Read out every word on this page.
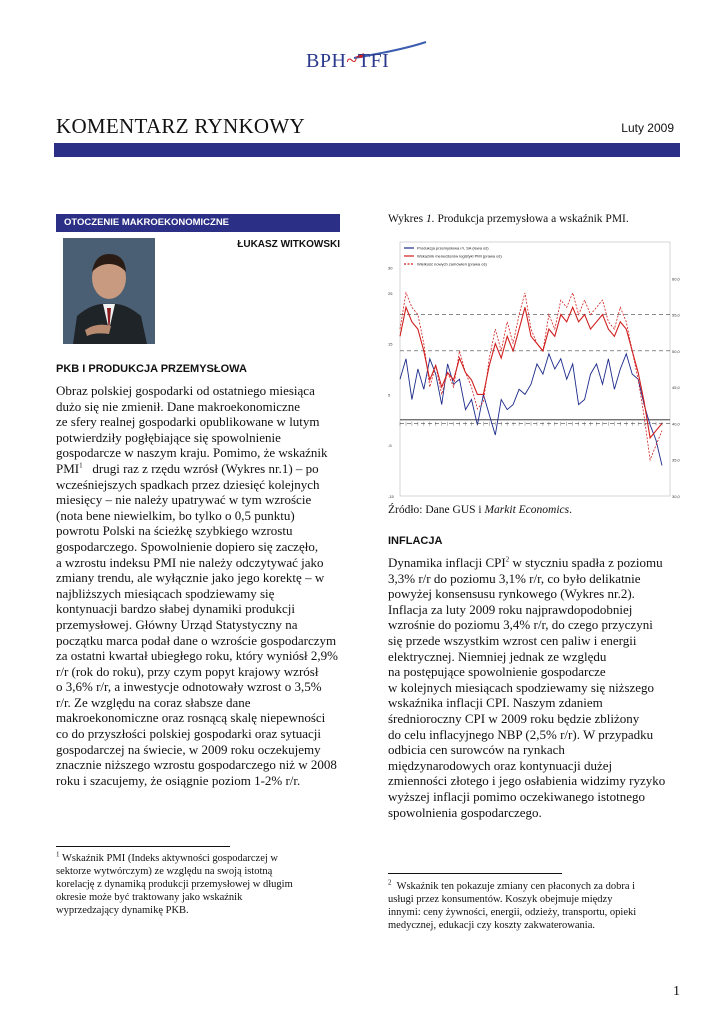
BPH~TFI
KOMENTARZ RYNKOWY	Luty 2009
OTOCZENIE MAKROEKONOMICZNE
ŁUKASZ WITKOWSKI
PKB I PRODUKCJA PRZEMYSŁOWA
Obraz polskiej gospodarki od ostatniego miesiąca
dużo się nie zmienił. Dane makroekonomiczne
ze sfery realnej gospodarki opublikowane w lutym
potwierdziły pogłębiające się spowolnienie
gospodarcze w naszym kraju. Pomimo, że wskaźnik
PMI$^1$ drugi raz z rzędu wzrósł (Wykres nr.1) – po
wcześniejszych spadkach przez dziesięć kolejnych
miesięcy – nie należy upatrywać w tym wzroście
(nota bene niewielkim, bo tylko o 0,5 punktu)
powrotu Polski na ścieżkę szybkiego wzrostu
gospodarczego. Spowolnienie dopiero się zaczęło,
a wzrostu indeksu PMI nie należy odczytywać jako
zmiany trendu, ale wyłącznie jako jego korektę – w
najbliższych miesiącach spodziewamy się
kontynuacji bardzo słabej dynamiki produkcji
przemysłowej. Główny Urząd Statystyczny na
początku marca podał dane o wzroście gospodarczym
za ostatni kwartał ubiegłego roku, który wyniósł 2,9%
r/r (rok do roku), przy czym popyt krajowy wzrósł
o 3,6% r/r, a inwestycje odnotowały wzrost o 3,5%
r/r. Ze względu na coraz słabsze dane
makroekonomiczne oraz rosnącą skalę niepewności
co do przyszłości polskiej gospodarki oraz sytuacji
gospodarczej na świecie, w 2009 roku oczekujemy
znacznie niższego wzrostu gospodarczego niż w 2008
roku i szacujemy, że osiągnie poziom 1-2% r/r.
$^1$ Wskaźnik PMI (Indeks aktywności gospodarczej w
sektorze wytwórczym) ze względu na swoją istotną
korelację z dynamiką produkcji przemysłowej w długim
okresie może być traktowany jako wskaźnik
wyprzedzający dynamikę PKB.
Wykres 1. Produkcja przemysłowa a wskaźnik PMI.
30
25
15
5
-5
-15
60,0
55,0
50,0
45,0
40,0
35,0
30,0
Produkcja przemysłowa r/r, SA (lewa oś)
Wskaźnik menedżerów logistyki PMI (prawa oś)
Wielkość nowych zamówień (prawa oś)
Źródło: Dane GUS i Markit Economics.
INFLACJA
Dynamika inflacji CPI$^2$ w styczniu spadła z poziomu
3,3% r/r do poziomu 3,1% r/r, co było delikatnie
powyżej konsensusu rynkowego (Wykres nr.2).
Inflacja za luty 2009 roku najprawdopodobniej
wzrośnie do poziomu 3,4% r/r, do czego przyczyni
się przede wszystkim wzrost cen paliw i energii
elektrycznej. Niemniej jednak ze względu
na postępujące spowolnienie gospodarcze
w kolejnych miesiącach spodziewamy się niższego
wskaźnika inflacji CPI. Naszym zdaniem
średnioroczny CPI w 2009 roku będzie zbliżony
do celu inflacyjnego NBP (2,5% r/r). W przypadku
odbicia cen surowców na rynkach
międzynarodowych oraz kontynuacji dużej
zmienności złotego i jego osłabienia widzimy ryzyko
wyższej inflacji pomimo oczekiwanego istotnego
spowolnienia gospodarczego.
$^2$ Wskaźnik ten pokazuje zmiany cen płaconych za dobra i
usługi przez konsumentów. Koszyk obejmuje między
innymi: ceny żywności, energii, odzieży, transportu, opieki
medycznej, edukacji czy koszty zakwaterowania.
1
